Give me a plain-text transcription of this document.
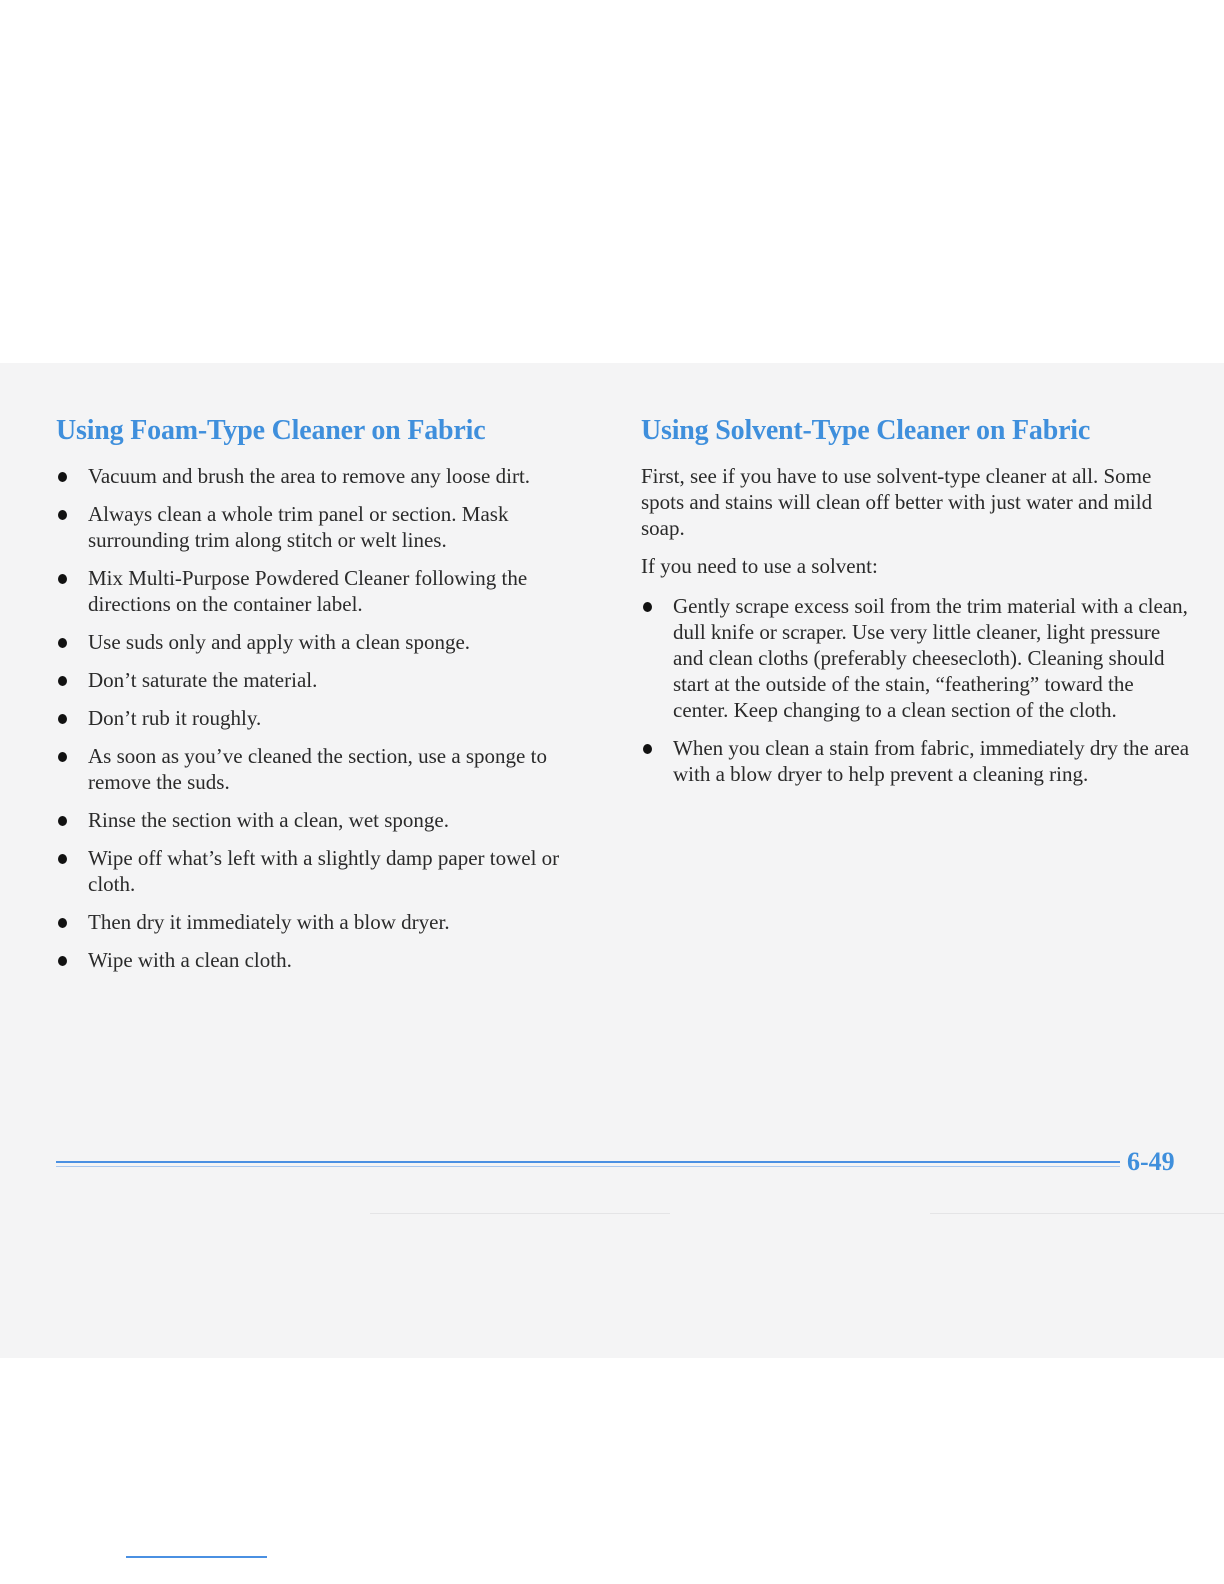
Using Foam-Type Cleaner on Fabric
Vacuum and brush the area to remove any loose dirt.
Always clean a whole trim panel or section. Mask surrounding trim along stitch or welt lines.
Mix Multi-Purpose Powdered Cleaner following the directions on the container label.
Use suds only and apply with a clean sponge.
Don’t saturate the material.
Don’t rub it roughly.
As soon as you’ve cleaned the section, use a sponge to remove the suds.
Rinse the section with a clean, wet sponge.
Wipe off what’s left with a slightly damp paper towel or cloth.
Then dry it immediately with a blow dryer.
Wipe with a clean cloth.
Using Solvent-Type Cleaner on Fabric

First, see if you have to use solvent-type cleaner at all. Some spots and stains will clean off better with just water and mild soap.

If you need to use a solvent:

Gently scrape excess soil from the trim material with a clean, dull knife or scraper. Use very little cleaner, light pressure and clean cloths (preferably cheesecloth). Cleaning should start at the outside of the stain, “feathering” toward the center. Keep changing to a clean section of the cloth.
When you clean a stain from fabric, immediately dry the area with a blow dryer to help prevent a cleaning ring.
6-49
